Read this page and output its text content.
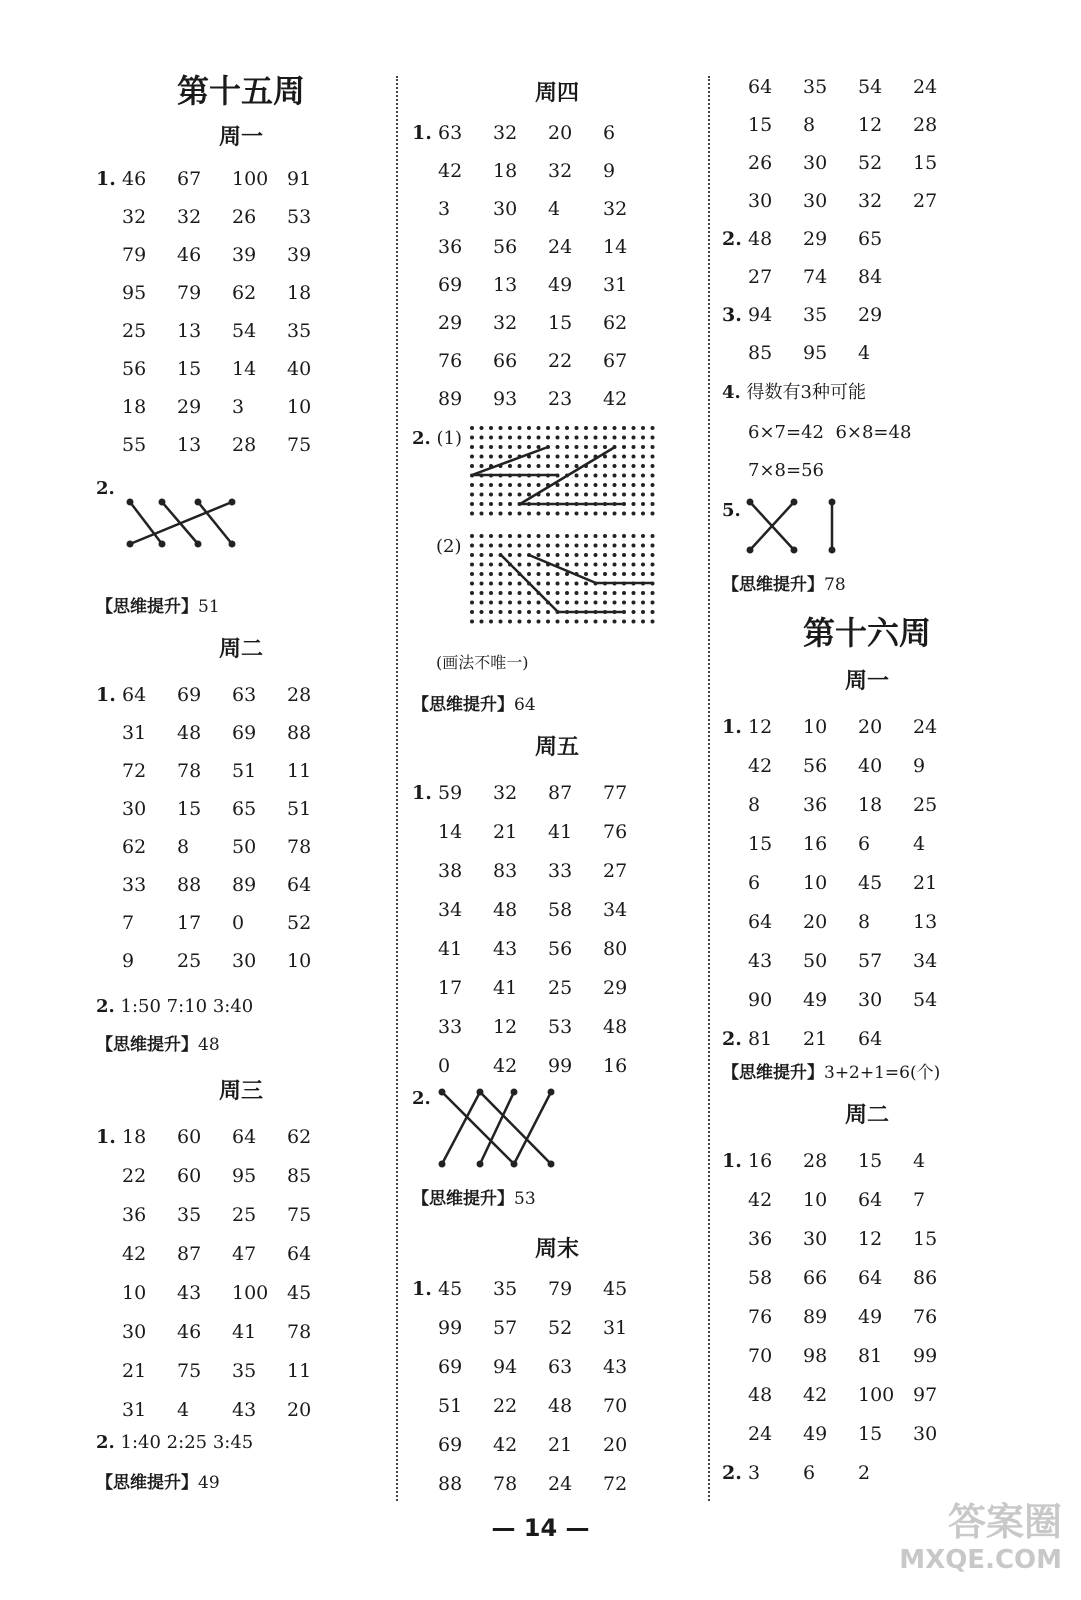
第十五周
周一
1. 46 67 100 91
32 32 26 53
79 46 39 39
95 79 62 18
25 13 54 35
56 15 14 40
18 29 3 10
55 13 28 75
2.
【思维提升】51
周二
1. 64 69 63 28
31 48 69 88
72 78 51 11
30 15 65 51
62 8 50 78
33 88 89 64
7 17 0 52
9 25 30 10
2. 1:50 7:10 3:40
【思维提升】48
周三
1. 18 60 64 62
22 60 95 85
36 35 25 75
42 87 47 64
10 43 100 45
30 46 41 78
21 75 35 11
31 4 43 20
2. 1:40 2:25 3:45
【思维提升】49
周四
1. 63 32 20 6
42 18 32 9
3 30 4 32
36 56 24 14
69 13 49 31
29 32 15 62
76 66 22 67
89 93 23 42
2. (1)
(2)
(画法不唯一)
【思维提升】64
周五
1. 59 32 87 77
14 21 41 76
38 83 33 27
34 48 58 34
41 43 56 80
17 41 25 29
33 12 53 48
0 42 99 16
2.
【思维提升】53
周末
1. 45 35 79 45
99 57 52 31
69 94 63 43
51 22 48 70
69 42 21 20
88 78 24 72
64 35 54 24
15 8 12 28
26 30 52 15
30 30 32 27
2. 48 29 65
27 74 84
3. 94 35 29
85 95 4
4. 得数有3种可能
6×7=42 6×8=48
7×8=56
5.
【思维提升】78
第十六周
周一
1. 12 10 20 24
42 56 40 9
8 36 18 25
15 16 6 4
6 10 45 21
64 20 8 13
43 50 57 34
90 49 30 54
2. 81 21 64
【思维提升】3+2+1=6(个)
周二
1. 16 28 15 4
42 10 64 7
36 30 12 15
58 66 64 86
76 89 49 76
70 98 81 99
48 42 100 97
24 49 15 30
2. 3 6 2
— 14 —	答案圈
MXQE.COM
